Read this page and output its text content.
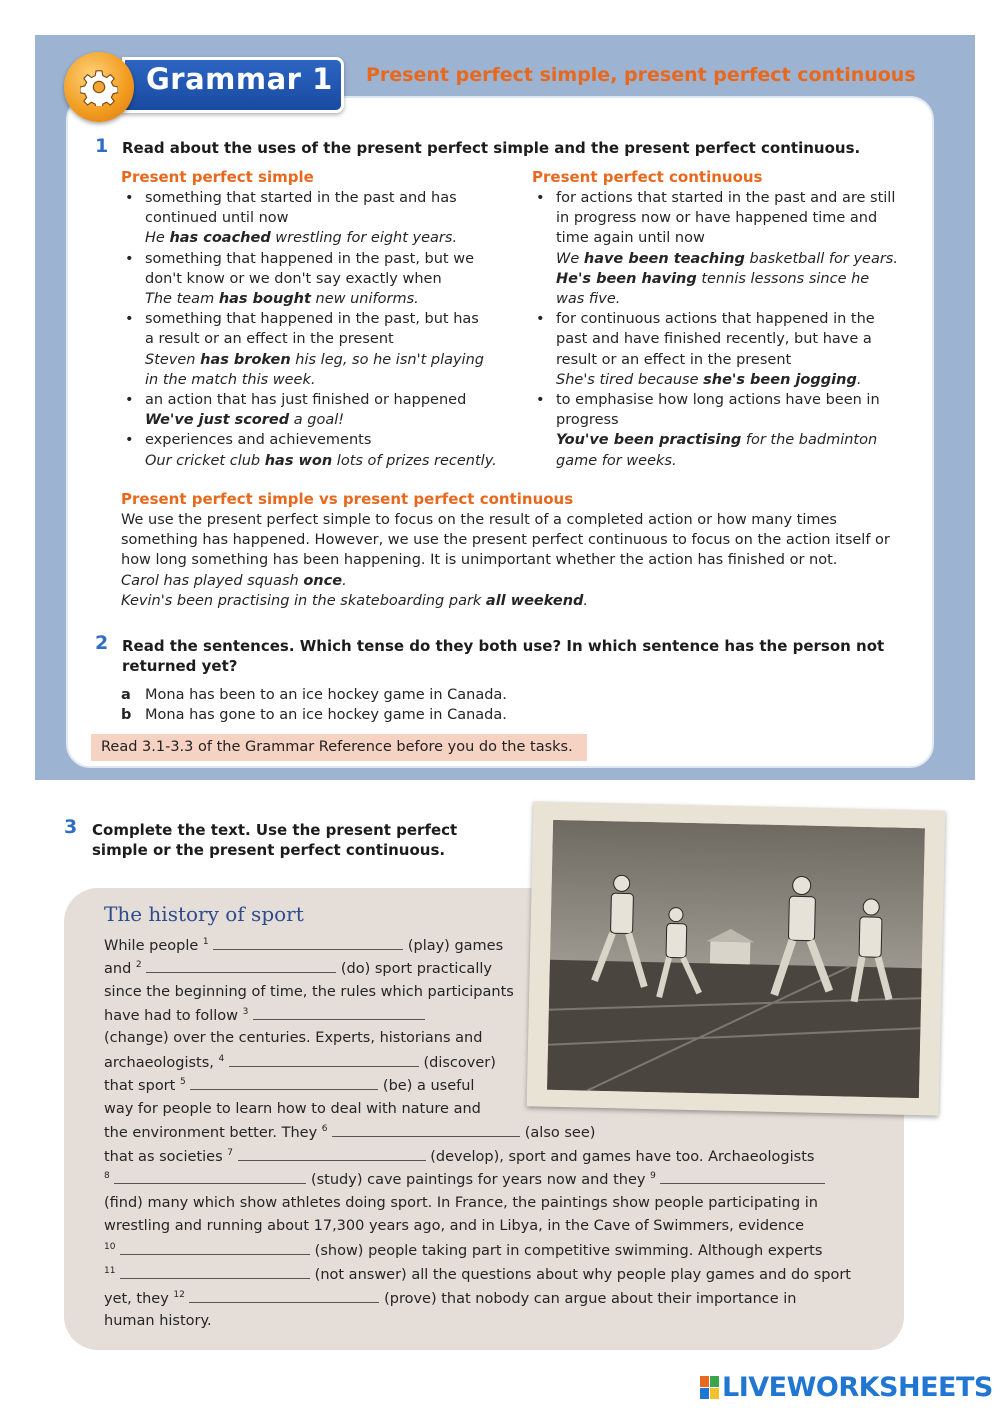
Grammar 1 Present perfect simple, present perfect continuous
1 Read about the uses of the present perfect simple and the present perfect continuous.
Present perfect simple
• something that started in the past and has
continued until now
He has coached wrestling for eight years.
• something that happened in the past, but we
don't know or we don't say exactly when
The team has bought new uniforms.
• something that happened in the past, but has
a result or an effect in the present
Steven has broken his leg, so he isn't playing
in the match this week.
• an action that has just finished or happened
We've just scored a goal!
• experiences and achievements
Our cricket club has won lots of prizes recently.
Present perfect continuous
• for actions that started in the past and are still
in progress now or have happened time and
time again until now
We have been teaching basketball for years.
He's been having tennis lessons since he
was five.
• for continuous actions that happened in the
past and have finished recently, but have a
result or an effect in the present
She's tired because she's been jogging.
• to emphasise how long actions have been in
progress
You've been practising for the badminton
game for weeks.
Present perfect simple vs present perfect continuous
We use the present perfect simple to focus on the result of a completed action or how many times
something has happened. However, we use the present perfect continuous to focus on the action itself or
how long something has been happening. It is unimportant whether the action has finished or not.
Carol has played squash once.
Kevin's been practising in the skateboarding park all weekend.
2 Read the sentences. Which tense do they both use? In which sentence has the person not
returned yet?
a Mona has been to an ice hockey game in Canada.
b Mona has gone to an ice hockey game in Canada.
Read 3.1-3.3 of the Grammar Reference before you do the tasks.
3 Complete the text. Use the present perfect
simple or the present perfect continuous.
The history of sport
While people $^1$	(play) games
and $^2$	(do) sport practically
since the beginning of time, the rules which participants
have had to follow $^3$
(change) over the centuries. Experts, historians and
archaeologists, $^4$	(discover)
that sport $^5$	(be) a useful
way for people to learn how to deal with nature and
the environment better. They $^6$	(also see)
that as societies $^7$	(develop), sport and games have too. Archaeologists
$^8$	(study) cave paintings for years now and they $^9$
(find) many which show athletes doing sport. In France, the paintings show people participating in
wrestling and running about 17,300 years ago, and in Libya, in the Cave of Swimmers, evidence
$^{10}$	(show) people taking part in competitive swimming. Although experts
$^{11}$	(not answer) all the questions about why people play games and do sport
yet, they $^{12}$	(prove) that nobody can argue about their importance in
human history.
LIVEWORKSHEETS
